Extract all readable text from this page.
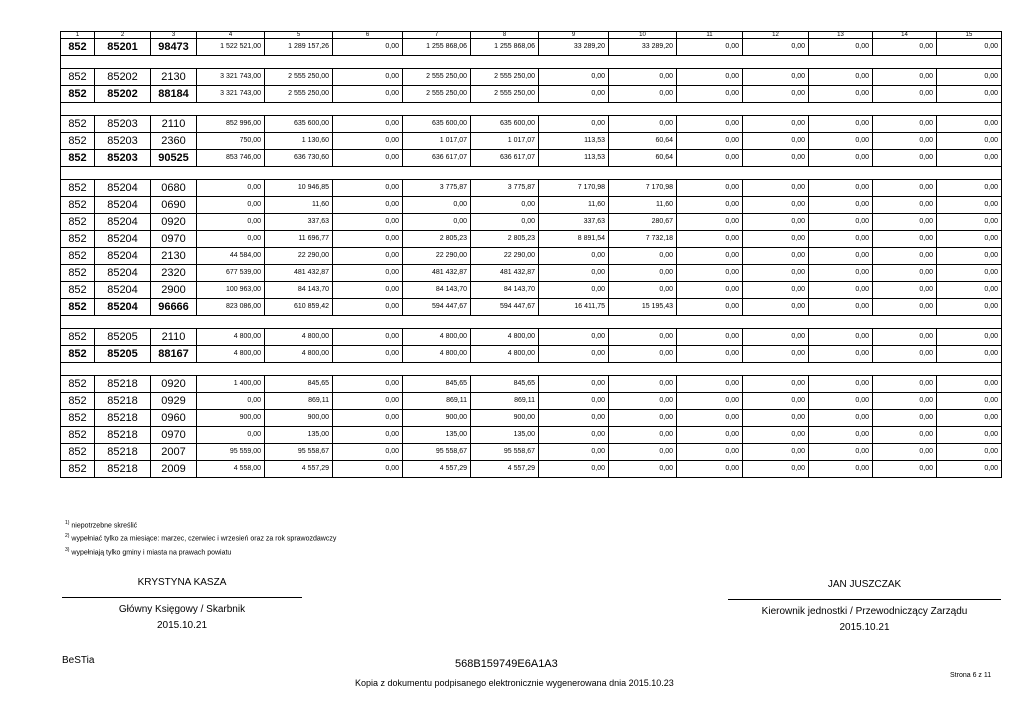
1	2	3	4	5	6	7	8	9	10	11	12	13	14	15
852	85201	98473	1 522 521,00	1 289 157,26	0,00	1 255 868,06	1 255 868,06	33 289,20	33 289,20	0,00	0,00	0,00	0,00	0,00

852	85202	2130	3 321 743,00	2 555 250,00	0,00	2 555 250,00	2 555 250,00	0,00	0,00	0,00	0,00	0,00	0,00	0,00
852	85202	88184	3 321 743,00	2 555 250,00	0,00	2 555 250,00	2 555 250,00	0,00	0,00	0,00	0,00	0,00	0,00	0,00

852	85203	2110	852 996,00	635 600,00	0,00	635 600,00	635 600,00	0,00	0,00	0,00	0,00	0,00	0,00	0,00
852	85203	2360	750,00	1 130,60	0,00	1 017,07	1 017,07	113,53	60,64	0,00	0,00	0,00	0,00	0,00
852	85203	90525	853 746,00	636 730,60	0,00	636 617,07	636 617,07	113,53	60,64	0,00	0,00	0,00	0,00	0,00

852	85204	0680	0,00	10 946,85	0,00	3 775,87	3 775,87	7 170,98	7 170,98	0,00	0,00	0,00	0,00	0,00
852	85204	0690	0,00	11,60	0,00	0,00	0,00	11,60	11,60	0,00	0,00	0,00	0,00	0,00
852	85204	0920	0,00	337,63	0,00	0,00	0,00	337,63	280,67	0,00	0,00	0,00	0,00	0,00
852	85204	0970	0,00	11 696,77	0,00	2 805,23	2 805,23	8 891,54	7 732,18	0,00	0,00	0,00	0,00	0,00
852	85204	2130	44 584,00	22 290,00	0,00	22 290,00	22 290,00	0,00	0,00	0,00	0,00	0,00	0,00	0,00
852	85204	2320	677 539,00	481 432,87	0,00	481 432,87	481 432,87	0,00	0,00	0,00	0,00	0,00	0,00	0,00
852	85204	2900	100 963,00	84 143,70	0,00	84 143,70	84 143,70	0,00	0,00	0,00	0,00	0,00	0,00	0,00
852	85204	96666	823 086,00	610 859,42	0,00	594 447,67	594 447,67	16 411,75	15 195,43	0,00	0,00	0,00	0,00	0,00

852	85205	2110	4 800,00	4 800,00	0,00	4 800,00	4 800,00	0,00	0,00	0,00	0,00	0,00	0,00	0,00
852	85205	88167	4 800,00	4 800,00	0,00	4 800,00	4 800,00	0,00	0,00	0,00	0,00	0,00	0,00	0,00

852	85218	0920	1 400,00	845,65	0,00	845,65	845,65	0,00	0,00	0,00	0,00	0,00	0,00	0,00
852	85218	0929	0,00	869,11	0,00	869,11	869,11	0,00	0,00	0,00	0,00	0,00	0,00	0,00
852	85218	0960	900,00	900,00	0,00	900,00	900,00	0,00	0,00	0,00	0,00	0,00	0,00	0,00
852	85218	0970	0,00	135,00	0,00	135,00	135,00	0,00	0,00	0,00	0,00	0,00	0,00	0,00
852	85218	2007	95 559,00	95 558,67	0,00	95 558,67	95 558,67	0,00	0,00	0,00	0,00	0,00	0,00	0,00
852	85218	2009	4 558,00	4 557,29	0,00	4 557,29	4 557,29	0,00	0,00	0,00	0,00	0,00	0,00	0,00
$^{1)}$ niepotrzebne skreślić
$^{2)}$ wypełniać tylko za miesiące: marzec, czerwiec i wrzesień oraz za rok sprawozdawczy
$^{3)}$ wypełniają tylko gminy i miasta na prawach powiatu
KRYSTYNA KASZA
Główny Księgowy / Skarbnik
2015.10.21
JAN JUSZCZAK
Kierownik jednostki / Przewodniczący Zarządu
2015.10.21
BeSTia	568B159749E6A1A3
Kopia z dokumentu podpisanego elektronicznie wygenerowana dnia 2015.10.23
Strona 6 z 11
